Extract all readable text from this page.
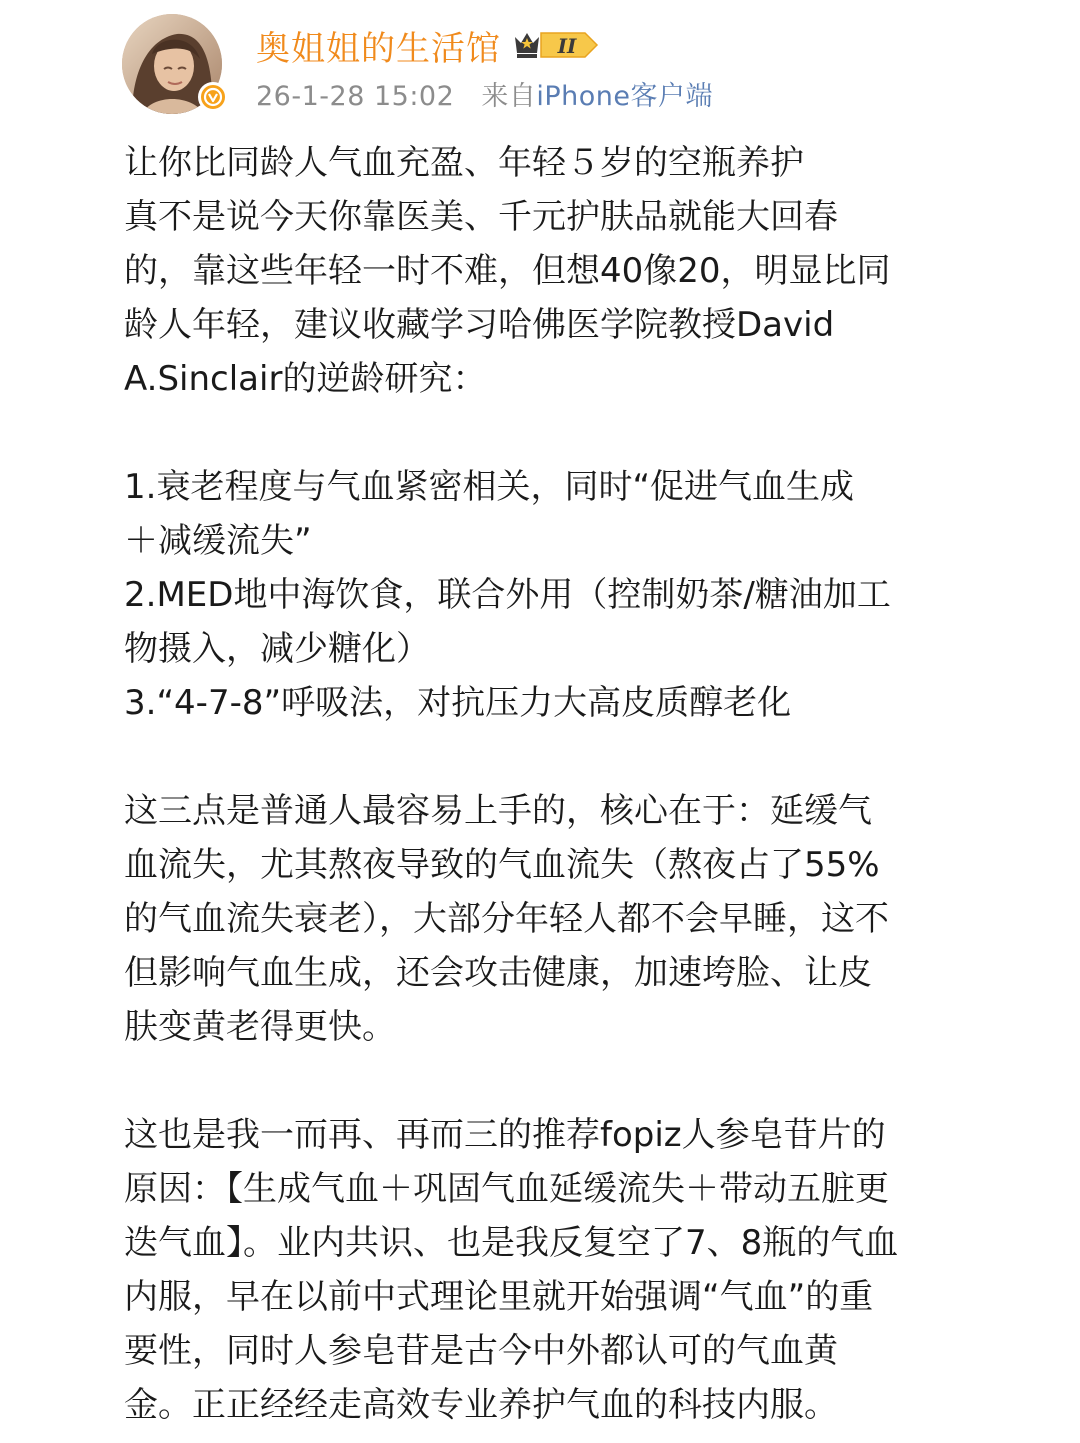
奥姐姐的生活馆	II
26-1-28 15:02 来自iPhone客户端

让你比同龄人气血充盈、年轻５岁的空瓶养护
真不是说今天你靠医美、千元护肤品就能大回春
的，靠这些年轻一时不难，但想40像20，明显比同
龄人年轻，建议收藏学习哈佛医学院教授David
A.Sinclair的逆龄研究：

1.衰老程度与气血紧密相关，同时“促进气血生成
＋减缓流失”
2.MED地中海饮食，联合外用（控制奶茶/糖油加工
物摄入，减少糖化）
3.“4-7-8”呼吸法，对抗压力大高皮质醇老化

这三点是普通人最容易上手的，核心在于：延缓气
血流失，尤其熬夜导致的气血流失（熬夜占了55%
的气血流失衰老），大部分年轻人都不会早睡，这不
但影响气血生成，还会攻击健康，加速垮脸、让皮
肤变黄老得更快。

这也是我一而再、再而三的推荐fopiz人参皂苷片的
原因：【生成气血＋巩固气血延缓流失＋带动五脏更
迭气血】。业内共识、也是我反复空了7、8瓶的气血
内服，早在以前中式理论里就开始强调“气血”的重
要性，同时人参皂苷是古今中外都认可的气血黄
金。正正经经走高效专业养护气血的科技内服。
